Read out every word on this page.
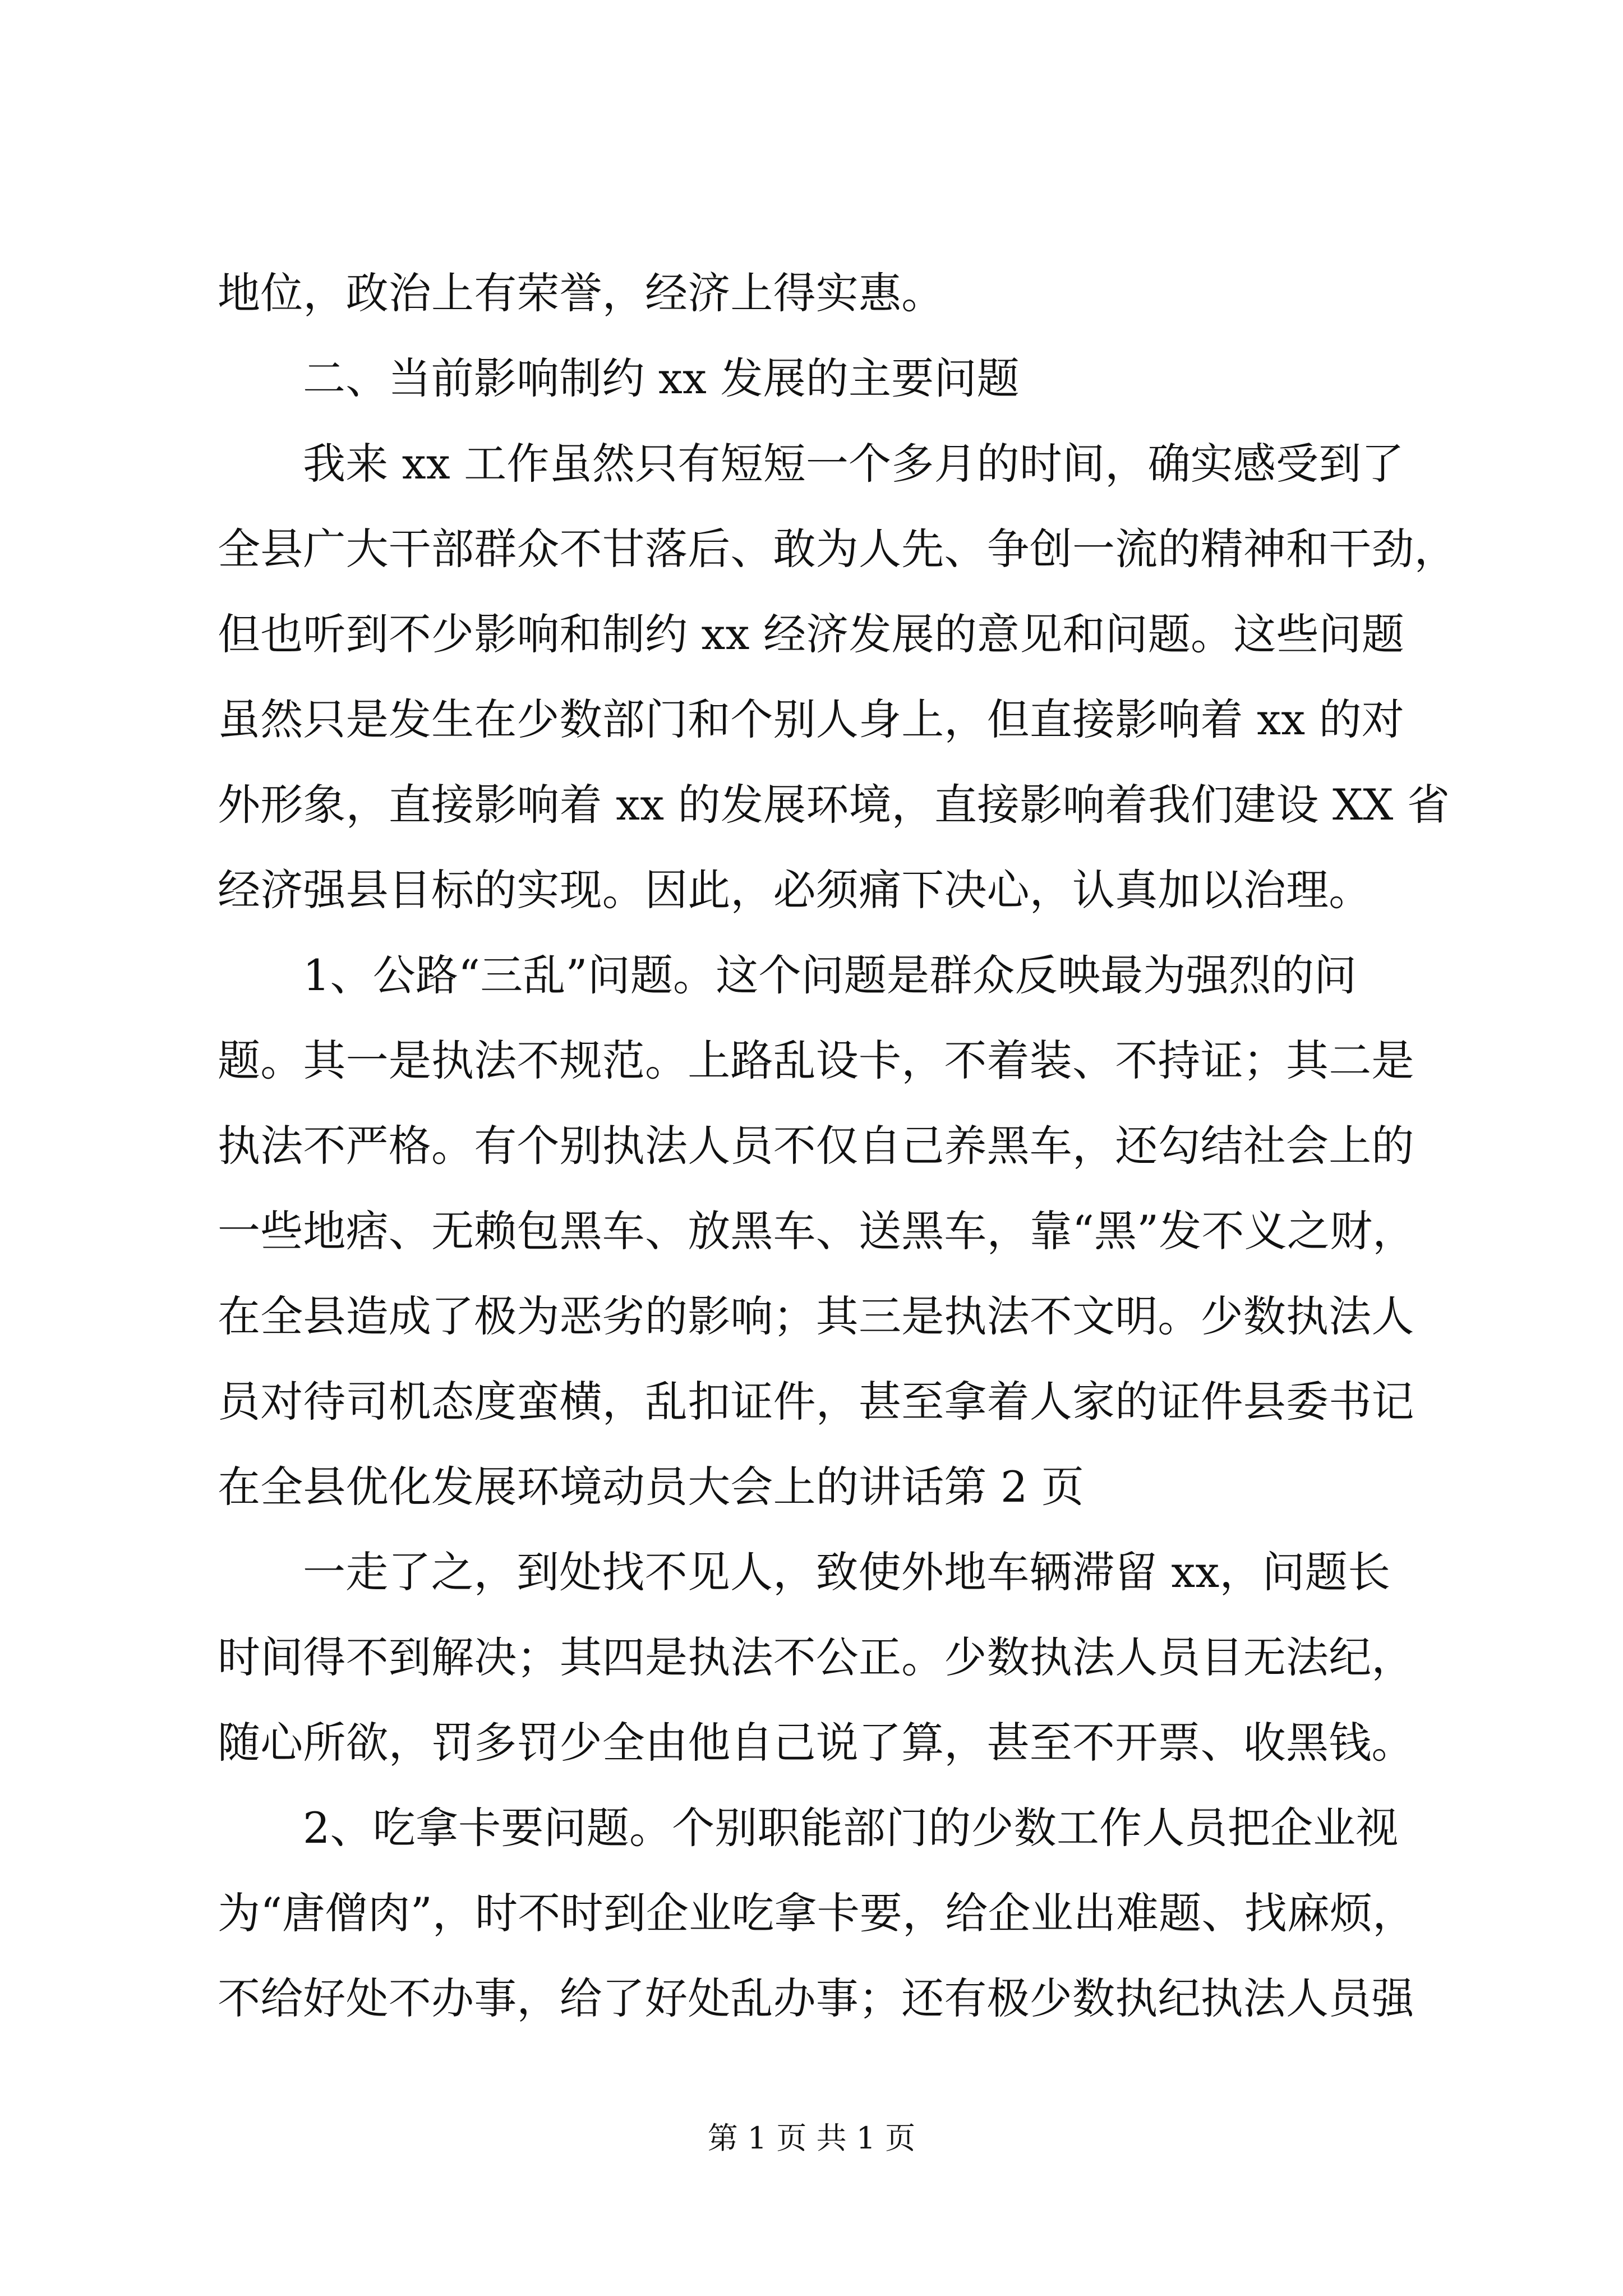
地位，政治上有荣誉，经济上得实惠。
二、当前影响制约 xx 发展的主要问题
我来 xx 工作虽然只有短短一个多月的时间，确实感受到了
全县广大干部群众不甘落后、敢为人先、争创一流的精神和干劲，
但也听到不少影响和制约 xx 经济发展的意见和问题。这些问题
虽然只是发生在少数部门和个别人身上，但直接影响着 xx 的对
外形象，直接影响着 xx 的发展环境，直接影响着我们建设 XX 省
经济强县目标的实现。因此，必须痛下决心，认真加以治理。
1、公路“三乱”问题。这个问题是群众反映最为强烈的问
题。其一是执法不规范。上路乱设卡，不着装、不持证；其二是
执法不严格。有个别执法人员不仅自己养黑车，还勾结社会上的
一些地痞、无赖包黑车、放黑车、送黑车，靠“黑”发不义之财，
在全县造成了极为恶劣的影响；其三是执法不文明。少数执法人
员对待司机态度蛮横，乱扣证件，甚至拿着人家的证件县委书记
在全县优化发展环境动员大会上的讲话第 2 页
一走了之，到处找不见人，致使外地车辆滞留 xx，问题长
时间得不到解决；其四是执法不公正。少数执法人员目无法纪，
随心所欲，罚多罚少全由他自己说了算，甚至不开票、收黑钱。
2、吃拿卡要问题。个别职能部门的少数工作人员把企业视
为“唐僧肉”，时不时到企业吃拿卡要，给企业出难题、找麻烦，
不给好处不办事，给了好处乱办事；还有极少数执纪执法人员强
第 1 页 共 1 页
